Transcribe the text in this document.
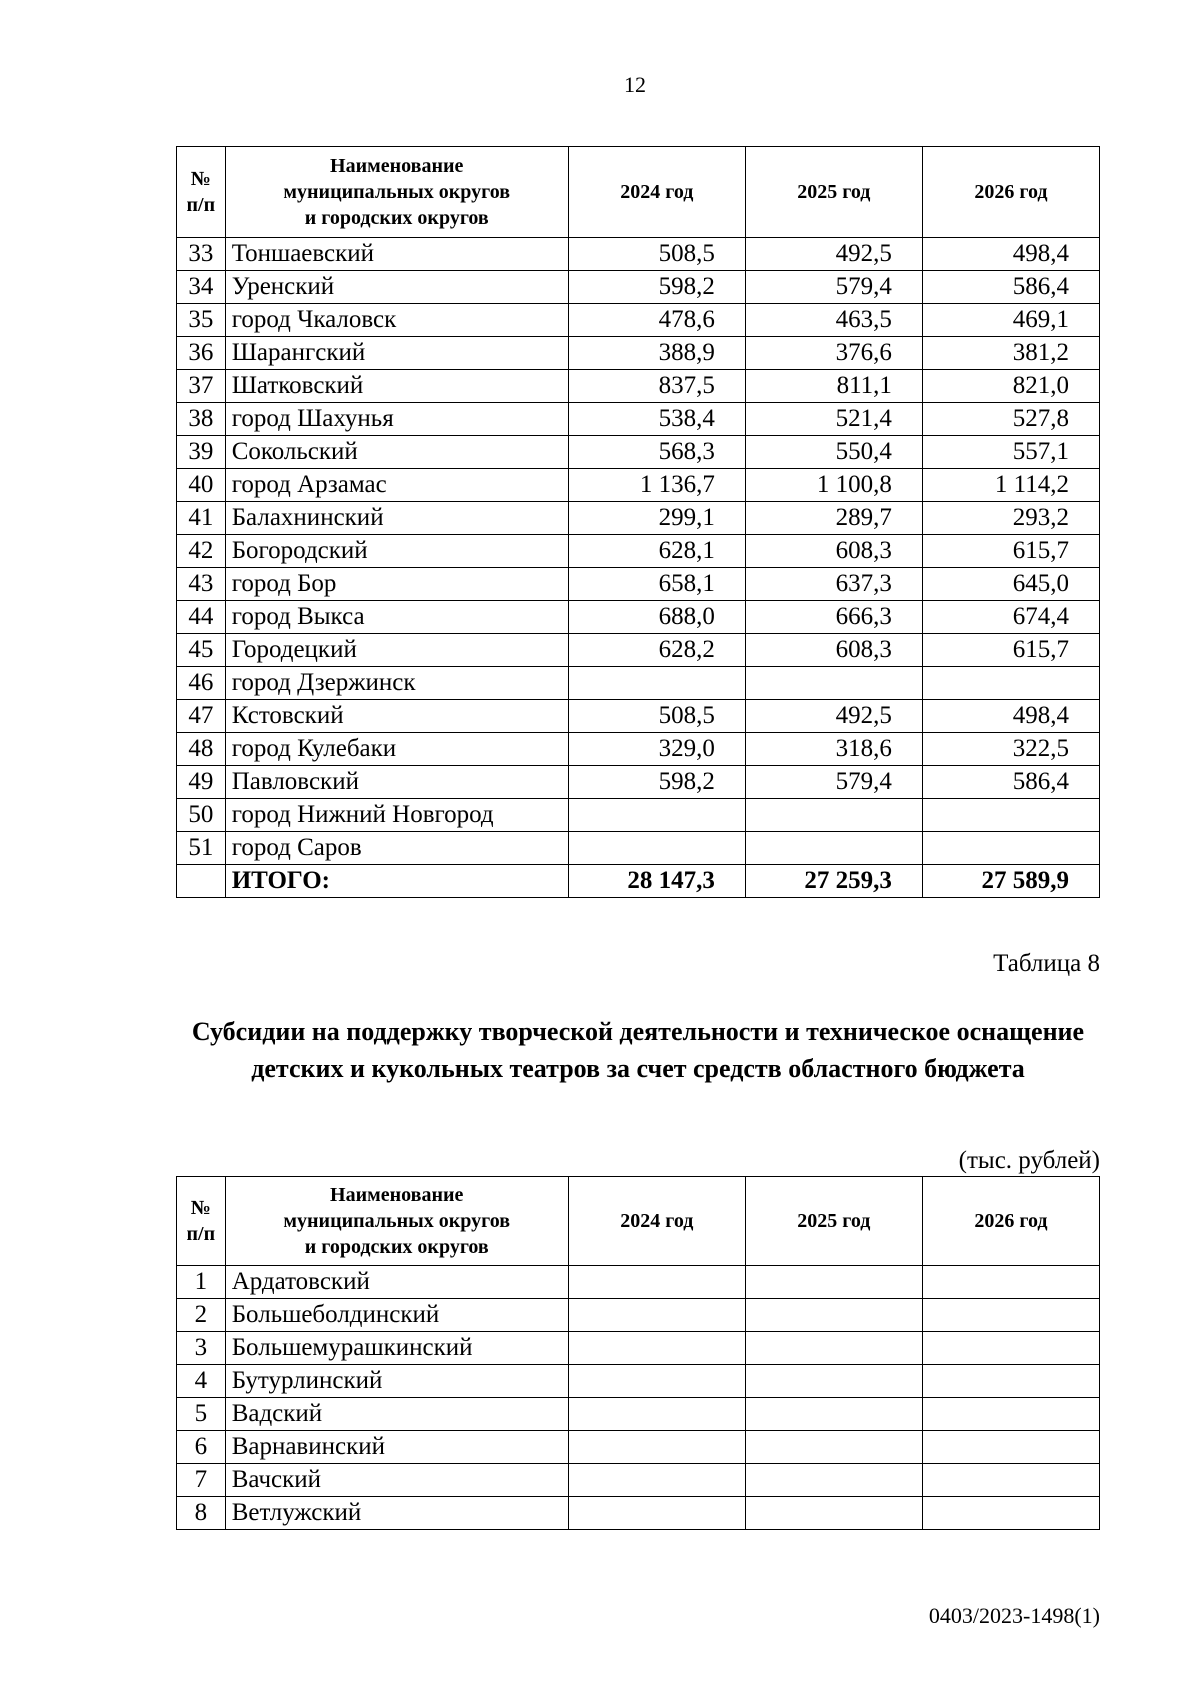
12
№
п/п	Наименование
муниципальных округов
и городских округов	2024 год	2025 год	2026 год
33	Тоншаевский	508,5	492,5	498,4
34	Уренский	598,2	579,4	586,4
35	город Чкаловск	478,6	463,5	469,1
36	Шарангский	388,9	376,6	381,2
37	Шатковский	837,5	811,1	821,0
38	город Шахунья	538,4	521,4	527,8
39	Сокольский	568,3	550,4	557,1
40	город Арзамас	1 136,7	1 100,8	1 114,2
41	Балахнинский	299,1	289,7	293,2
42	Богородский	628,1	608,3	615,7
43	город Бор	658,1	637,3	645,0
44	город Выкса	688,0	666,3	674,4
45	Городецкий	628,2	608,3	615,7
46	город Дзержинск			
47	Кстовский	508,5	492,5	498,4
48	город Кулебаки	329,0	318,6	322,5
49	Павловский	598,2	579,4	586,4
50	город Нижний Новгород			
51	город Саров			
	ИТОГО:	28 147,3	27 259,3	27 589,9
Таблица 8
Субсидии на поддержку творческой деятельности и техническое оснащение детских и кукольных театров за счет средств областного бюджета
(тыс. рублей)
№
п/п	Наименование
муниципальных округов
и городских округов	2024 год	2025 год	2026 год
1	Ардатовский			
2	Большеболдинский			
3	Большемурашкинский			
4	Бутурлинский			
5	Вадский			
6	Варнавинский			
7	Вачский			
8	Ветлужский			
0403/2023-1498(1)
